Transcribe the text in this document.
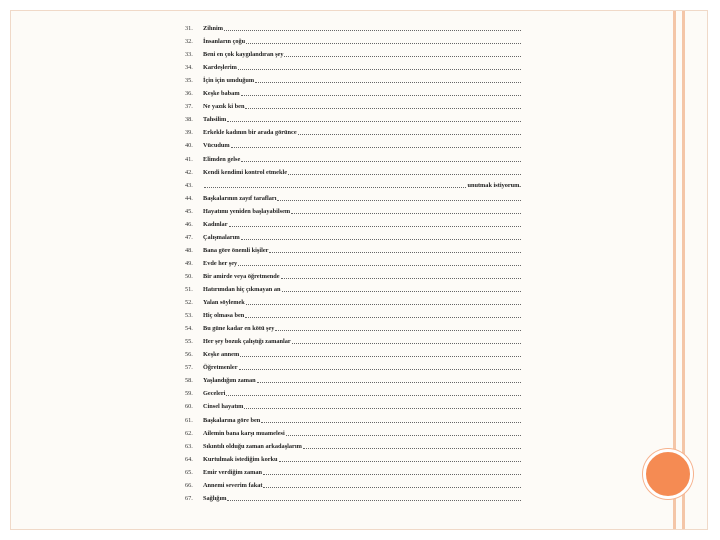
31.	Zihnim
32.	İnsanların çoğu
33.	Beni en çok kaygılandıran şey
34.	Kardeşlerim
35.	İçin için umduğum
36.	Keşke babam
37.	Ne yazık ki ben
38.	Tahsilim
39.	Erkekle kadının bir arada görünce
40.	Vücudum
41.	Elimden gelse
42.	Kendi kendimi kontrol etmekle
43.	unutmak istiyorum.
44.	Başkalarının zayıf tarafları
45.	Hayatımı yeniden başlayabilsem
46.	Kadınlar
47.	Çalışmalarım
48.	Bana göre önemli kişiler
49.	Evde her şey
50.	Bir amirde veya öğretmende
51.	Hatırımdan hiç çıkmayan an
52.	Yalan söylemek
53.	Hiç olmasa ben
54.	Bu güne kadar en kötü şey
55.	Her şey bozuk çalıştığı zamanlar
56.	Keşke annem
57.	Öğretmenler
58.	Yaşlandığım zaman
59.	Geceleri
60.	Cinsel hayatım
61.	Başkalarına göre ben
62.	Ailemin bana karşı muamelesi
63.	Sıkıntılı olduğu zaman arkadaşlarım
64.	Kurtulmak istediğim korku
65.	Emir verdiğim zaman
66.	Annemi severim fakat
67.	Sağlığım
